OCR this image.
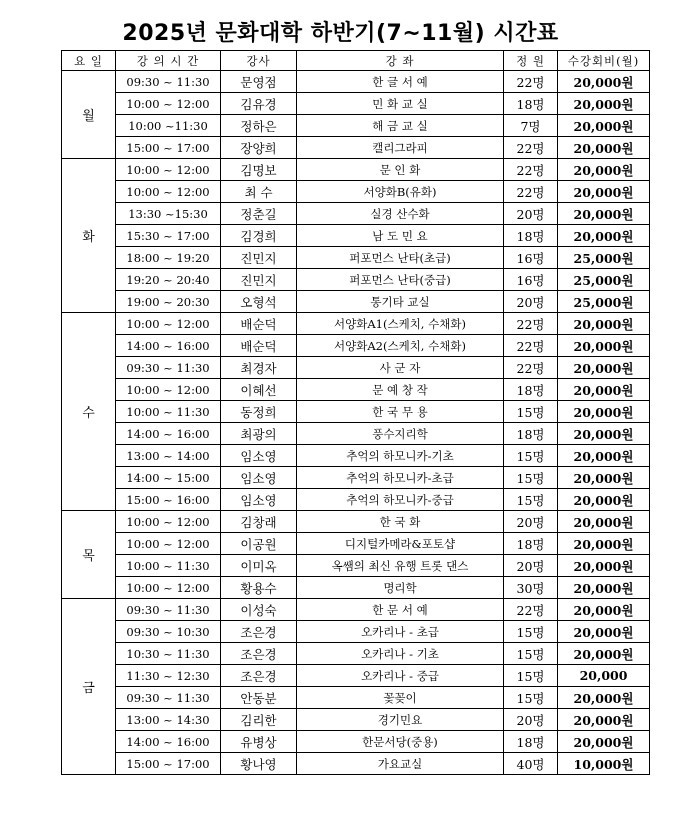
2025년 문화대학 하반기(7~11월) 시간표
요 일	강 의 시 간	강사	강 좌	정 원	수강회비(월)
월	09:30 ~ 11:30	문영점	한 글 서 예	22명	20,000원
	10:00 ~ 12:00	김유경	민 화 교 실	18명	20,000원
	10:00 ~11:30	정하은	해 금 교 실	7명	20,000원
	15:00 ~ 17:00	장양희	캘리그라피	22명	20,000원
화	10:00 ~ 12:00	김명보	문 인 화	22명	20,000원
	10:00 ~ 12:00	최 수	서양화B(유화)	22명	20,000원
	13:30 ~15:30	정춘길	실경 산수화	20명	20,000원
	15:30 ~ 17:00	김경희	남 도 민 요	18명	20,000원
	18:00 ~ 19:20	진민지	퍼포먼스 난타(초급)	16명	25,000원
	19:20 ~ 20:40	진민지	퍼포먼스 난타(중급)	16명	25,000원
	19:00 ~ 20:30	오형석	통기타 교실	20명	25,000원
수	10:00 ~ 12:00	배순덕	서양화A1(스케치, 수채화)	22명	20,000원
	14:00 ~ 16:00	배순덕	서양화A2(스케치, 수채화)	22명	20,000원
	09:30 ~ 11:30	최경자	사 군 자	22명	20,000원
	10:00 ~ 12:00	이혜선	문 예 창 작	18명	20,000원
	10:00 ~ 11:30	동정희	한 국 무 용	15명	20,000원
	14:00 ~ 16:00	최광의	풍수지리학	18명	20,000원
	13:00 ~ 14:00	임소영	추억의 하모니카-기초	15명	20,000원
	14:00 ~ 15:00	임소영	추억의 하모니카-초급	15명	20,000원
	15:00 ~ 16:00	임소영	추억의 하모니카-중급	15명	20,000원
목	10:00 ~ 12:00	김창래	한 국 화	20명	20,000원
	10:00 ~ 12:00	이공원	디지털카메라&포토샵	18명	20,000원
	10:00 ~ 11:30	이미옥	옥쌤의 최신 유행 트롯 댄스	20명	20,000원
	10:00 ~ 12:00	황용수	명리학	30명	20,000원
금	09:30 ~ 11:30	이성숙	한 문 서 예	22명	20,000원
	09:30 ~ 10:30	조은경	오카리나 - 초급	15명	20,000원
	10:30 ~ 11:30	조은경	오카리나 - 기초	15명	20,000원
	11:30 ~ 12:30	조은경	오카리나 - 중급	15명	20,000
	09:30 ~ 11:30	안동분	꽃꽂이	15명	20,000원
	13:00 ~ 14:30	김리한	경기민요	20명	20,000원
	14:00 ~ 16:00	유병상	한문서당(중용)	18명	20,000원
	15:00 ~ 17:00	황나영	가요교실	40명	10,000원
